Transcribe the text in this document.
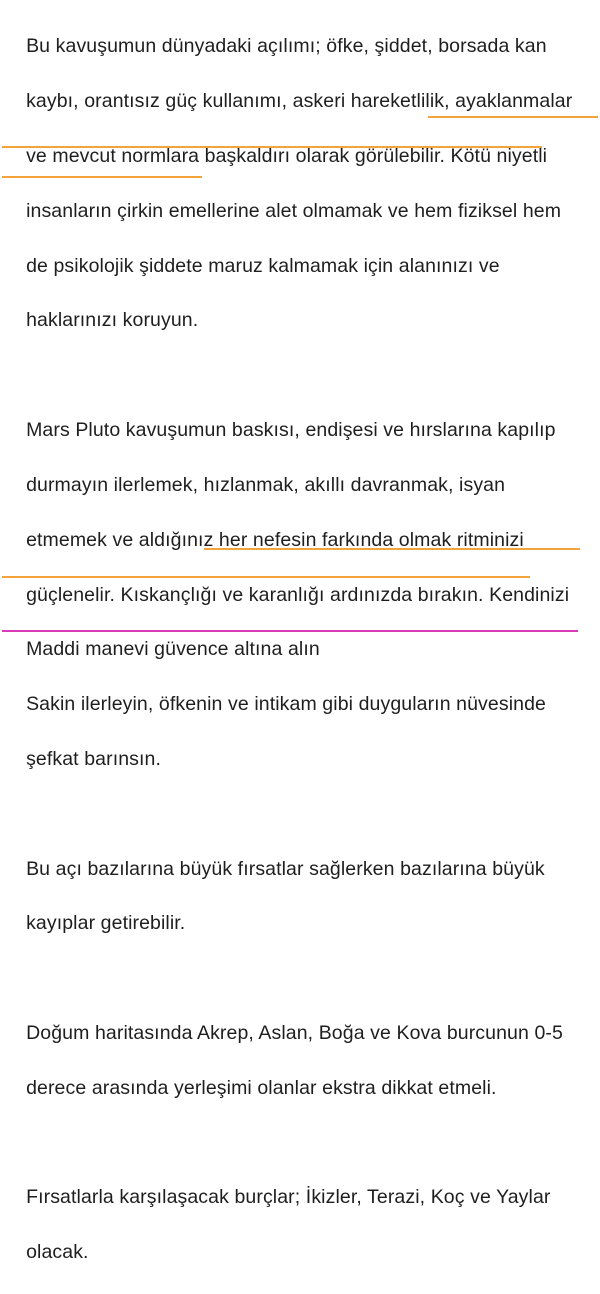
Bu kavuşumun dünyadaki açılımı; öfke, şiddet, borsada kan

kaybı, orantısız güç kullanımı, askeri hareketlilik, ayaklanmalar

ve mevcut normlara başkaldırı olarak görülebilir. Kötü niyetli

insanların çirkin emellerine alet olmamak ve hem fiziksel hem

de psikolojik şiddete maruz kalmamak için alanınızı ve

haklarınızı koruyun.

Mars Pluto kavuşumun baskısı, endişesi ve hırslarına kapılıp

durmayın ilerlemek, hızlanmak, akıllı davranmak, isyan

etmemek ve aldığınız her nefesin farkında olmak ritminizi

güçlenelir. Kıskançlığı ve karanlığı ardınızda bırakın. Kendinizi

Maddi manevi güvence altına alın

Sakin ilerleyin, öfkenin ve intikam gibi duyguların nüvesinde

şefkat barınsın.

Bu açı bazılarına büyük fırsatlar sağlerken bazılarına büyük

kayıplar getirebilir.

Doğum haritasında Akrep, Aslan, Boğa ve Kova burcunun 0-5

derece arasında yerleşimi olanlar ekstra dikkat etmeli.

Fırsatlarla karşılaşacak burçlar; İkizler, Terazi, Koç ve Yaylar

olacak.
